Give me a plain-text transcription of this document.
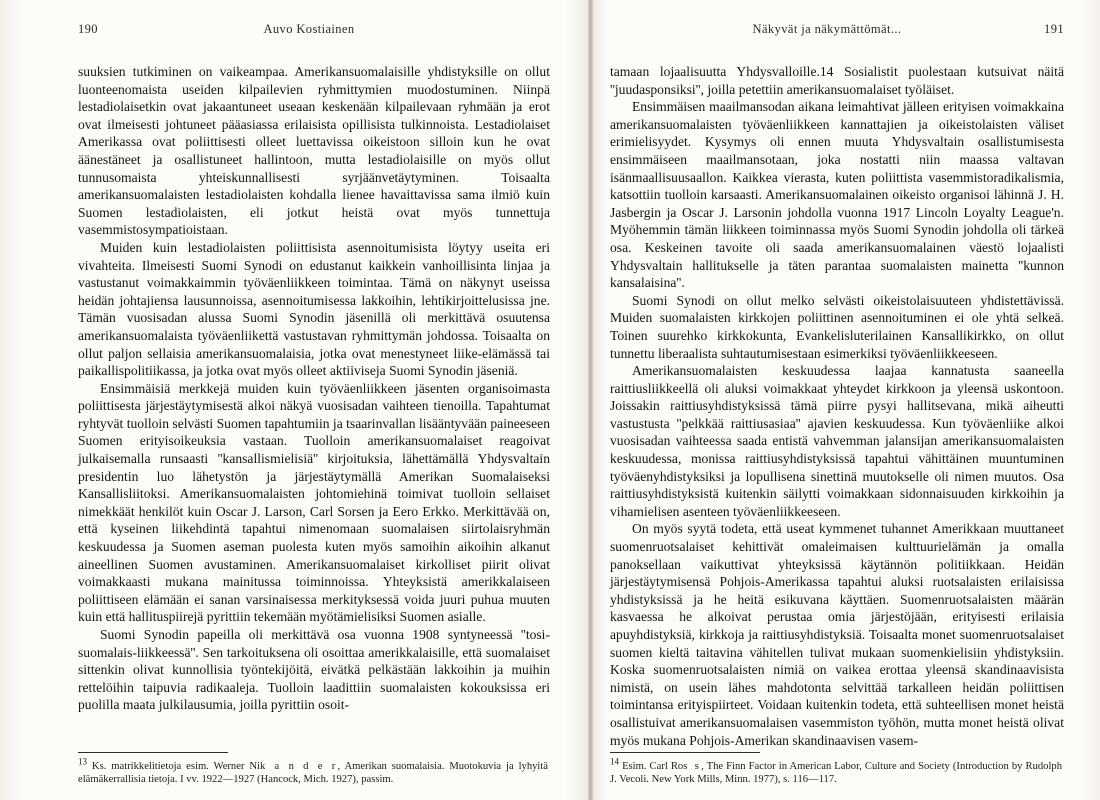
190	Auvo Kostiainen

suuksien tutkiminen on vaikeampaa. Amerikansuomalaisille yhdistyksille on ollut luonteenomaista useiden kilpailevien ryhmittymien muodostuminen. Niinpä lestadiolaisetkin ovat jakaantuneet useaan keskenään kilpailevaan ryhmään ja erot ovat ilmeisesti johtuneet pääasiassa erilaisista opillisista tulkinnoista. Lestadiolaiset Amerikassa ovat poliittisesti olleet luettavissa oikeistoon silloin kun he ovat äänestäneet ja osallistuneet hallintoon, mutta lestadiolaisille on myös ollut tunnusomaista yhteiskunnallisesti syrjäänvetäytyminen. Toisaalta amerikansuomalaisten lestadiolaisten kohdalla lienee havaittavissa sama ilmiö kuin Suomen lestadiolaisten, eli jotkut heistä ovat myös tunnettuja vasemmistosympatioistaan.

Muiden kuin lestadiolaisten poliittisista asennoitumisista löytyy useita eri vivahteita. Ilmeisesti Suomi Synodi on edustanut kaikkein vanhoillisinta linjaa ja vastustanut voimakkaimmin työväenliikkeen toimintaa. Tämä on näkynyt useissa heidän johtajiensa lausunnoissa, asennoitumisessa lakkoihin, lehtikirjoittelusissa jne. Tämän vuosisadan alussa Suomi Synodin jäsenillä oli merkittävä osuutensa amerikansuomalaista työväenliikettä vastustavan ryhmittymän johdossa. Toisaalta on ollut paljon sellaisia amerikansuomalaisia, jotka ovat menestyneet liike-elämässä tai paikallispolitiikassa, ja jotka ovat myös olleet aktiiviseja Suomi Synodin jäseniä.

Ensimmäisiä merkkejä muiden kuin työväenliikkeen jäsenten organisoimasta poliittisesta järjestäytymisestä alkoi näkyä vuosisadan vaihteen tienoilla. Tapahtumat ryhtyvät tuolloin selvästi Suomen tapahtumiin ja tsaarinvallan lisääntyvään paineeseen Suomen erityisoikeuksia vastaan. Tuolloin amerikansuomalaiset reagoivat julkaisemalla runsaasti ''kansallismielisiä'' kirjoituksia, lähettämällä Yhdysvaltain presidentin luo lähetystön ja järjestäytymällä Amerikan Suomalaiseksi Kansallisliitoksi. Amerikansuomalaisten johtomiehinä toimivat tuolloin sellaiset nimekkäät henkilöt kuin Oscar J. Larson, Carl Sorsen ja Eero Erkko. Merkittävää on, että kyseinen liikehdintä tapahtui nimenomaan suomalaisen siirtolaisryhmän keskuudessa ja Suomen aseman puolesta kuten myös samoihin aikoihin alkanut aineellinen Suomen avustaminen. Amerikansuomalaiset kirkolliset piirit olivat voimakkaasti mukana mainitussa toiminnoissa. Yhteyksistä amerikkalaiseen poliittiseen elämään ei sanan varsinaisessa merkityksessä voida juuri puhua muuten kuin että hallituspiirejä pyrittiin tekemään myötämielisiksi Suomen asialle.

Suomi Synodin papeilla oli merkittävä osa vuonna 1908 syntyneessä ''tosi-suomalais-liikkeessä''. Sen tarkoituksena oli osoittaa amerikkalaisille, että suomalaiset sittenkin olivat kunnollisia työntekijöitä, eivätkä pelkästään lakkoihin ja muihin rettelöihin taipuvia radikaaleja. Tuolloin laadittiin suomalaisten kokouksissa eri puolilla maata julkilausumia, joilla pyrittiin osoit-

$^{13}$ Ks. matrikkelitietoja esim. Werner Nik a n d e r, Amerikan suomalaisia. Muotokuvia ja lyhyitä elämäkerrallisia tietoja. I vv. 1922—1927 (Hancock, Mich. 1927), passim.

Näkyvät ja näkymättömät...	191

tamaan lojaalisuutta Yhdysvalloille.14 Sosialistit puolestaan kutsuivat näitä ''juudasponsiksi'', joilla petettiin amerikansuomalaiset työläiset.

Ensimmäisen maailmansodan aikana leimahtivat jälleen erityisen voimakkaina amerikansuomalaisten työväenliikkeen kannattajien ja oikeistolaisten väliset erimielisyydet. Kysymys oli ennen muuta Yhdysvaltain osallistumisesta ensimmäiseen maailmansotaan, joka nostatti niin maassa valtavan isänmaallisuusaallon. Kaikkea vierasta, kuten poliittista vasemmistoradikalismia, katsottiin tuolloin karsaasti. Amerikansuomalainen oikeisto organisoi lähinnä J. H. Jasbergin ja Oscar J. Larsonin johdolla vuonna 1917 Lincoln Loyalty League'n. Myöhemmin tämän liikkeen toiminnassa myös Suomi Synodin johdolla oli tärkeä osa. Keskeinen tavoite oli saada amerikansuomalainen väestö lojaalisti Yhdysvaltain hallitukselle ja täten parantaa suomalaisten mainetta ''kunnon kansalaisina''.

Suomi Synodi on ollut melko selvästi oikeistolaisuuteen yhdistettävissä. Muiden suomalaisten kirkkojen poliittinen asennoituminen ei ole yhtä selkeä. Toinen suurehko kirkkokunta, Evankelisluterilainen Kansallikirkko, on ollut tunnettu liberaalista suhtautumisestaan esimerkiksi työväenliikkeeseen.

Amerikansuomalaisten keskuudessa laajaa kannatusta saaneella raittiusliikkeellä oli aluksi voimakkaat yhteydet kirkkoon ja yleensä uskontoon. Joissakin raittiusyhdistyksissä tämä piirre pysyi hallitsevana, mikä aiheutti vastustusta ''pelkkää raittiusasiaa'' ajavien keskuudessa. Kun työväenliike alkoi vuosisadan vaihteessa saada entistä vahvemman jalansijan amerikansuomalaisten keskuudessa, monissa raittiusyhdistyksissä tapahtui vähittäinen muuntuminen työväenyhdistyksiksi ja lopullisena sinettinä muutokselle oli nimen muutos. Osa raittiusyhdistyksistä kuitenkin säilytti voimakkaan sidonnaisuuden kirkkoihin ja vihamielisen asenteen työväenliikkeeseen.

On myös syytä todeta, että useat kymmenet tuhannet Amerikkaan muuttaneet suomenruotsalaiset kehittivät omaleimaisen kulttuurielämän ja omalla panoksellaan vaikuttivat yhteyksissä käytännön politiikkaan. Heidän järjestäytymisensä Pohjois-Amerikassa tapahtui aluksi ruotsalaisten erilaisissa yhdistyksissä ja he heitä esikuvana käyttäen. Suomenruotsalaisten määrän kasvaessa he alkoivat perustaa omia järjestöjään, erityisesti erilaisia apuyhdistyksiä, kirkkoja ja raittiusyhdistyksiä. Toisaalta monet suomenruotsalaiset suomen kieltä taitavina vähitellen tulivat mukaan suomenkielisiin yhdistyksiin. Koska suomenruotsalaisten nimiä on vaikea erottaa yleensä skandinaavisista nimistä, on usein lähes mahdotonta selvittää tarkalleen heidän poliittisen toimintansa erityispiirteet. Voidaan kuitenkin todeta, että suhteellisen monet heistä osallistuivat amerikansuomalaisen vasemmiston työhön, mutta monet heistä olivat myös mukana Pohjois-Amerikan skandinaavisen vasem-

$^{14}$ Esim. Carl Ros s, The Finn Factor in American Labor, Culture and Society (Introduction by Rudolph J. Vecoli. New York Mills, Minn. 1977), s. 116—117.
